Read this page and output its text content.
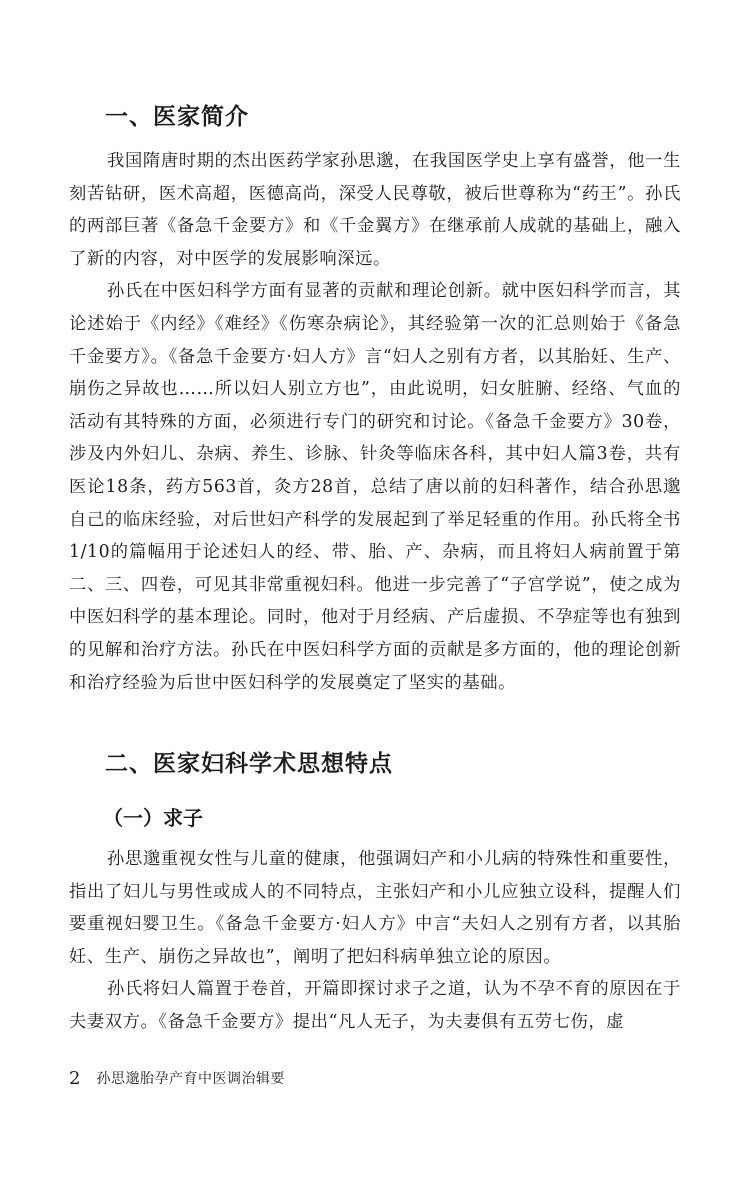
一、医家简介

我国隋唐时期的杰出医药学家孙思邈，在我国医学史上享有盛誉，他一生刻苦钻研，医术高超，医德高尚，深受人民尊敬，被后世尊称为“药王”。孙氏的两部巨著《备急千金要方》和《千金翼方》在继承前人成就的基础上，融入了新的内容，对中医学的发展影响深远。

孙氏在中医妇科学方面有显著的贡献和理论创新。就中医妇科学而言，其论述始于《内经》《难经》《伤寒杂病论》，其经验第一次的汇总则始于《备急千金要方》。《备急千金要方·妇人方》言“妇人之别有方者，以其胎妊、生产、崩伤之异故也……所以妇人别立方也”，由此说明，妇女脏腑、经络、气血的活动有其特殊的方面，必须进行专门的研究和讨论。《备急千金要方》30卷，涉及内外妇儿、杂病、养生、诊脉、针灸等临床各科，其中妇人篇3卷，共有医论18条，药方563首，灸方28首，总结了唐以前的妇科著作，结合孙思邈自己的临床经验，对后世妇产科学的发展起到了举足轻重的作用。孙氏将全书1/10的篇幅用于论述妇人的经、带、胎、产、杂病，而且将妇人病前置于第二、三、四卷，可见其非常重视妇科。他进一步完善了“子宫学说”，使之成为中医妇科学的基本理论。同时，他对于月经病、产后虚损、不孕症等也有独到的见解和治疗方法。孙氏在中医妇科学方面的贡献是多方面的，他的理论创新和治疗经验为后世中医妇科学的发展奠定了坚实的基础。

二、医家妇科学术思想特点
（一）求子

孙思邈重视女性与儿童的健康，他强调妇产和小儿病的特殊性和重要性，指出了妇儿与男性或成人的不同特点，主张妇产和小儿应独立设科，提醒人们要重视妇婴卫生。《备急千金要方·妇人方》中言“夫妇人之别有方者，以其胎妊、生产、崩伤之异故也”，阐明了把妇科病单独立论的原因。

孙氏将妇人篇置于卷首，开篇即探讨求子之道，认为不孕不育的原因在于夫妻双方。《备急千金要方》提出“凡人无子，为夫妻俱有五劳七伤，虚

2 孙思邈胎孕产育中医调治辑要
